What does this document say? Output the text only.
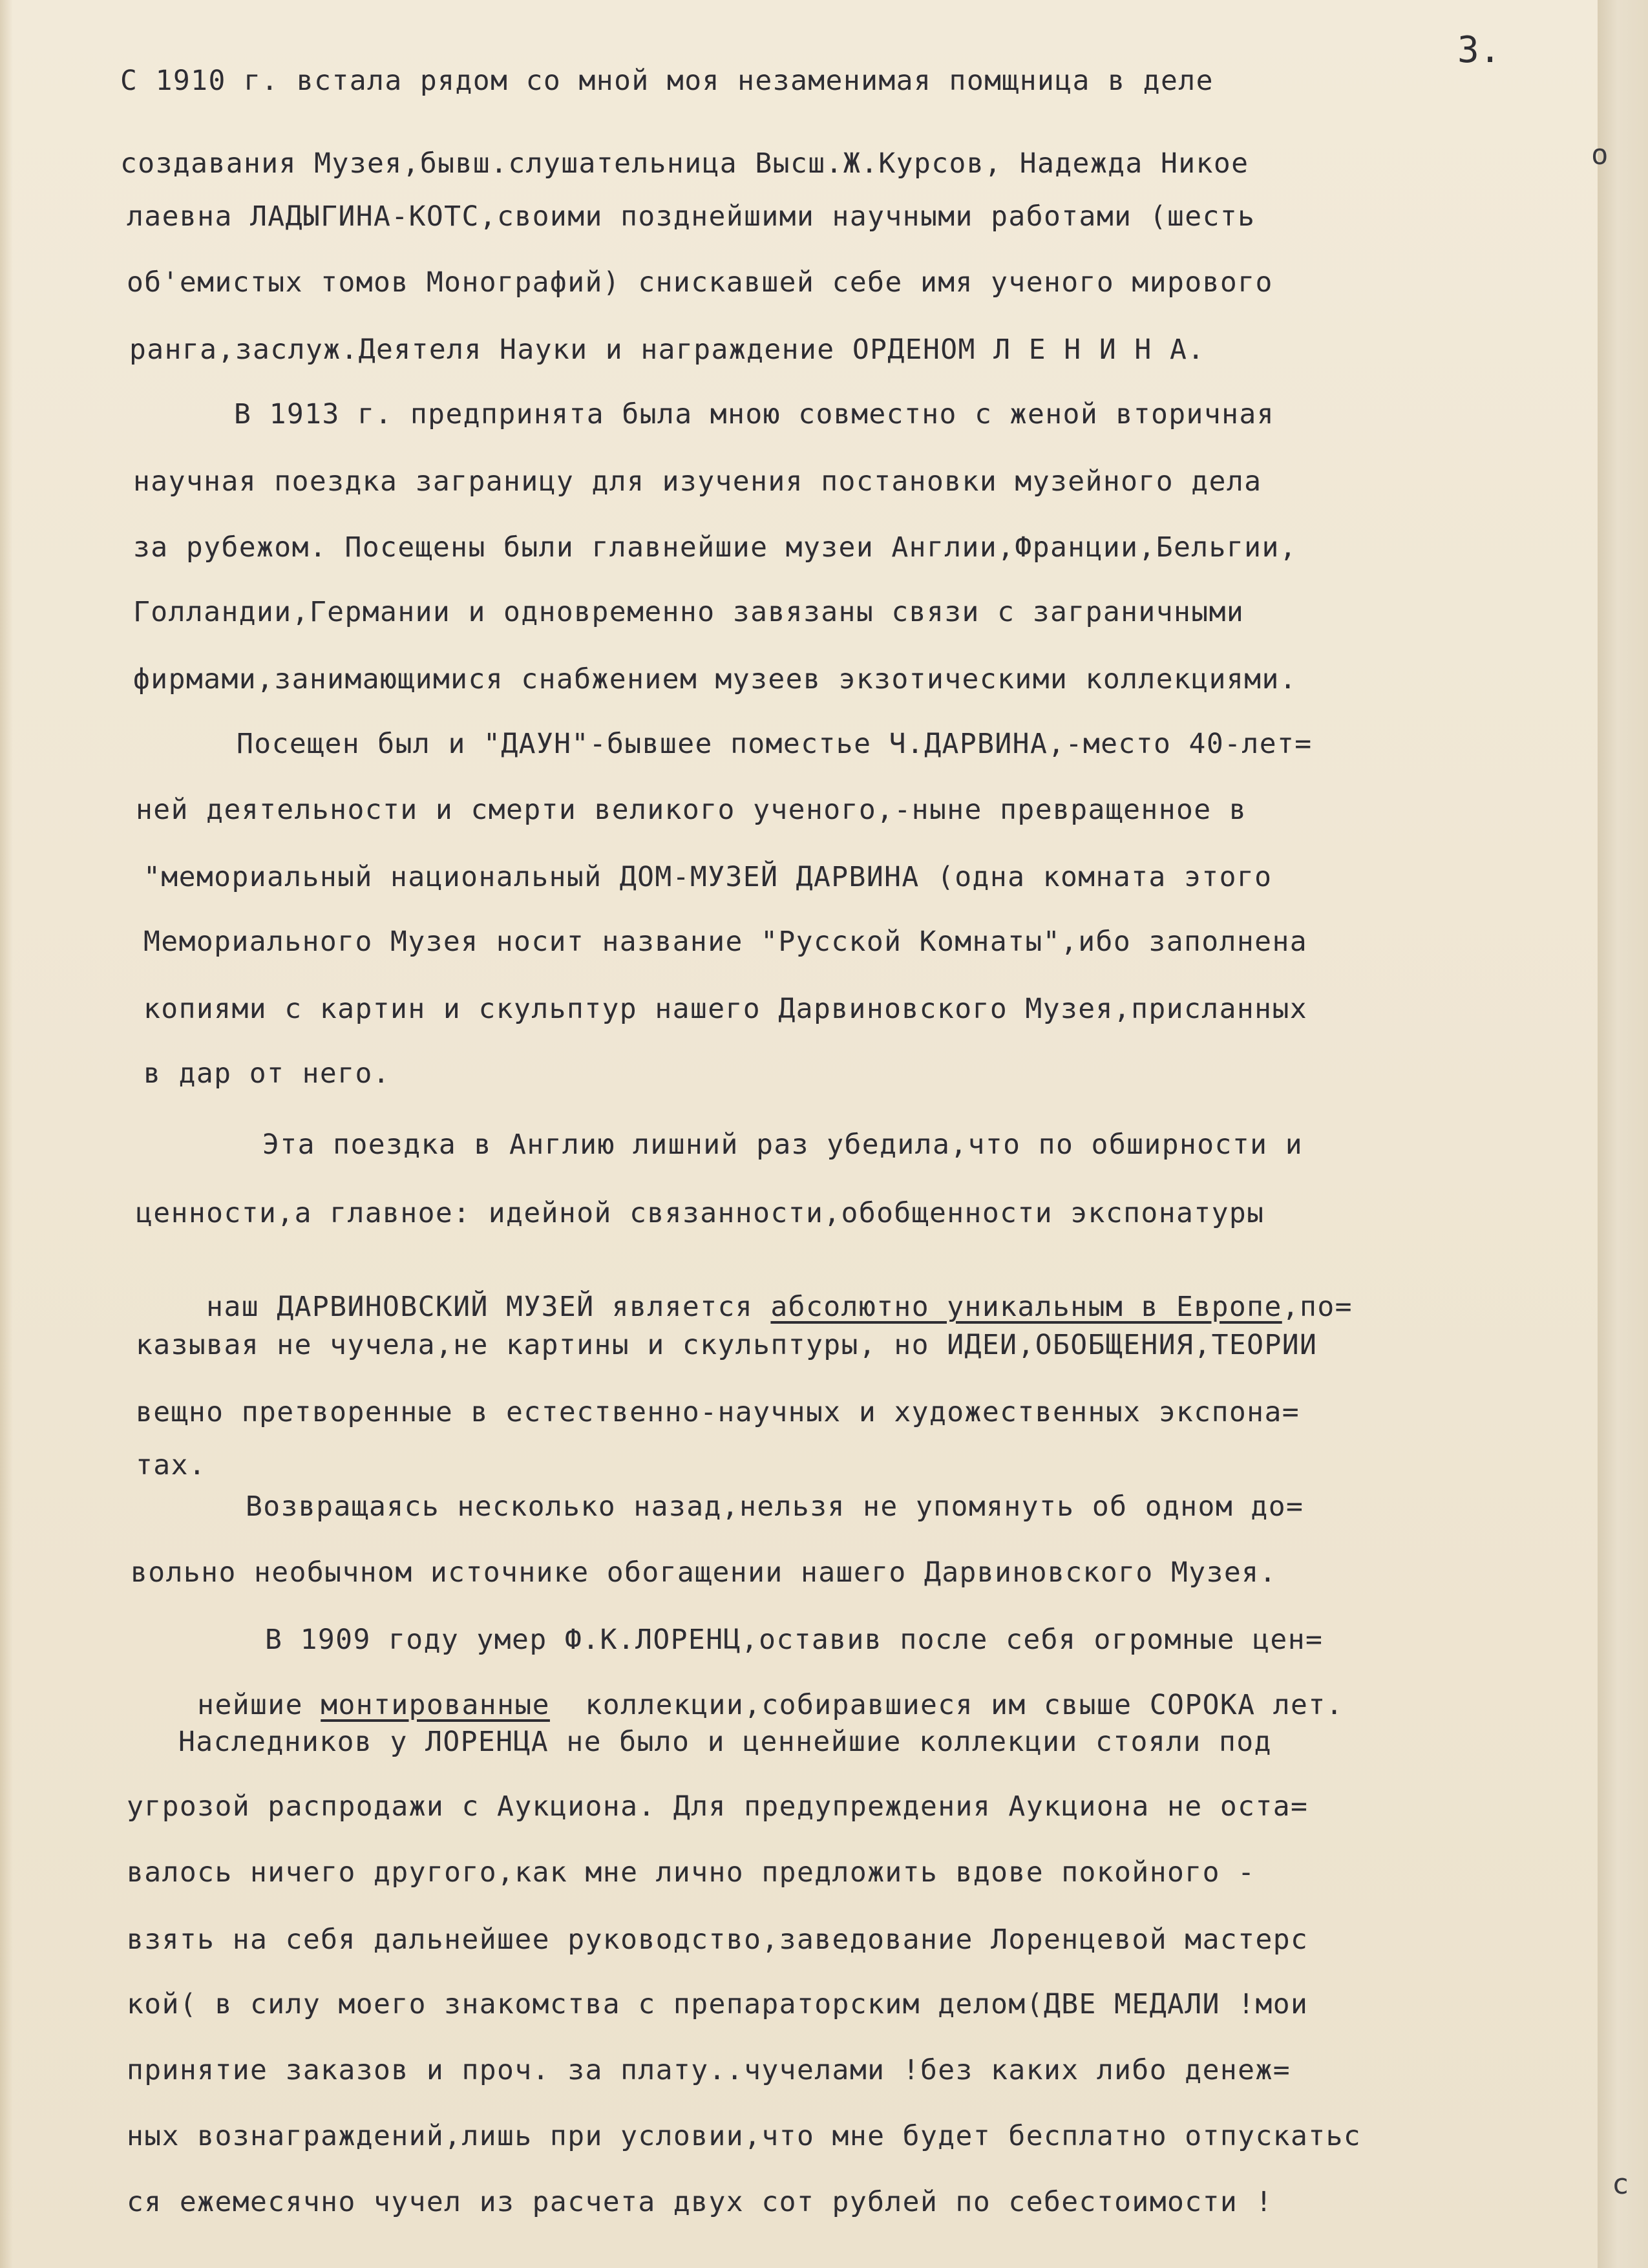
3.
С 1910 г. встала рядом со мной моя незаменимая помщница в деле
создавания Музея,бывш.слушательница Высш.Ж.Курсов, Надежда Никое
лаевна ЛАДЫГИНА-КОТС,своими позднейшими научными работами (шесть
об'емистых томов Монографий) снискавшей себе имя ученого мирового
ранга,заслуж.Деятеля Науки и награждение ОРДЕНОМ Л Е Н И Н А.
В 1913 г. предпринята была мною совместно с женой вторичная
научная поездка заграницу для изучения постановки музейного дела
за рубежом. Посещены были главнейшие музеи Англии,Франции,Бельгии,
Голландии,Германии и одновременно завязаны связи с заграничными
фирмами,занимающимися снабжением музеев экзотическими коллекциями.
Посещен был и "ДАУН"-бывшее поместье Ч.ДАРВИНА,-место 40-лет=
ней деятельности и смерти великого ученого,-ныне превращенное в
"мемориальный национальный ДОМ-МУЗЕЙ ДАРВИНА (одна комната этого
Мемориального Музея носит название "Русской Комнаты",ибо заполнена
копиями с картин и скульптур нашего Дарвиновского Музея,присланных
в дар от него.
Эта поездка в Англию лишний раз убедила,что по обширности и
ценности,а главное: идейной связанности,обобщенности экспонатуры

наш ДАРВИНОВСКИЙ МУЗЕЙ является абсолютно уникальным в Европе,по=

казывая не чучела,не картины и скульптуры, но ИДЕИ,ОБОБЩЕНИЯ,ТЕОРИИ
вещно претворенные в естественно-научных и художественных экспона=
тах.
Возвращаясь несколько назад,нельзя не упомянуть об одном до=
вольно необычном источнике обогащении нашего Дарвиновского Музея.
В 1909 году умер Ф.К.ЛОРЕНЦ,оставив после себя огромные цен=

нейшие монтированные коллекции,собиравшиеся им свыше СОРОКА лет.

Наследников у ЛОРЕНЦА не было и ценнейшие коллекции стояли под
угрозой распродажи с Аукциона. Для предупреждения Аукциона не оста=
валось ничего другого,как мне лично предложить вдове покойного -
взять на себя дальнейшее руководство,заведование Лоренцевой мастерс
кой( в силу моего знакомства с препараторским делом(ДВЕ МЕДАЛИ !мои
принятие заказов и проч. за плату..чучелами !без каких либо денеж=
ных вознаграждений,лишь при условии,что мне будет бесплатно отпускатьс
ся ежемесячно чучел из расчета двух сот рублей по себестоимости !
o
c
